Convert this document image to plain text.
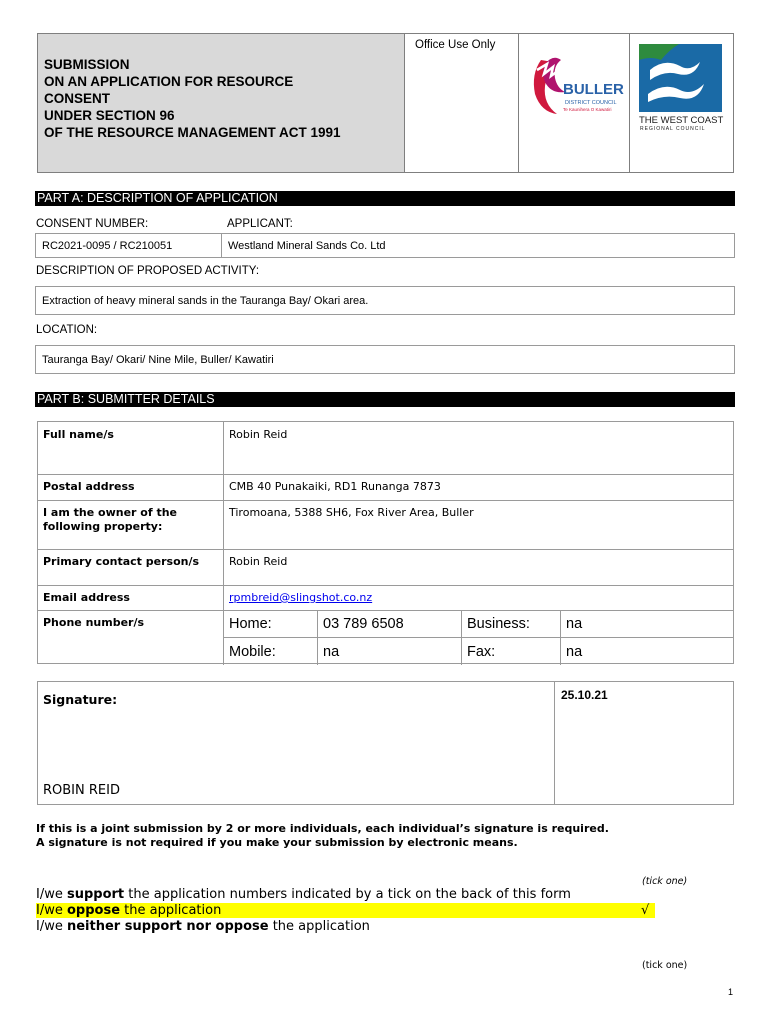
SUBMISSION
ON AN APPLICATION FOR RESOURCE
CONSENT
UNDER SECTION 96
OF THE RESOURCE MANAGEMENT ACT 1991
Office Use Only
BULLER
DISTRICT COUNCIL
Te Kaunihera O Kawatiri
THE WEST COAST
REGIONAL COUNCIL
PART A: DESCRIPTION OF APPLICATION
CONSENT NUMBER:	APPLICANT:
RC2021-0095 / RC210051	Westland Mineral Sands Co. Ltd
DESCRIPTION OF PROPOSED ACTIVITY:
Extraction of heavy mineral sands in the Tauranga Bay/ Okari area.
LOCATION:
Tauranga Bay/ Okari/ Nine Mile, Buller/ Kawatiri
PART B: SUBMITTER DETAILS
Full name/s	Robin Reid
Postal address	CMB 40 Punakaiki, RD1 Runanga 7873
I am the owner of the following property:
Tiromoana, 5388 SH6, Fox River Area, Buller
Primary contact person/s	Robin Reid
Email address	rpmbreid@slingshot.co.nz
Phone number/s	Home:	03 789 6508	Business:	na
Mobile:	na	Fax:	na
Signature:
ROBIN REID
25.10.21
If this is a joint submission by 2 or more individuals, each individual’s signature is required.
A signature is not required if you make your submission by electronic means.
(tick one)
I/we support the application numbers indicated by a tick on the back of this form
I/we oppose the application	√
I/we neither support nor oppose the application
(tick one)
1
